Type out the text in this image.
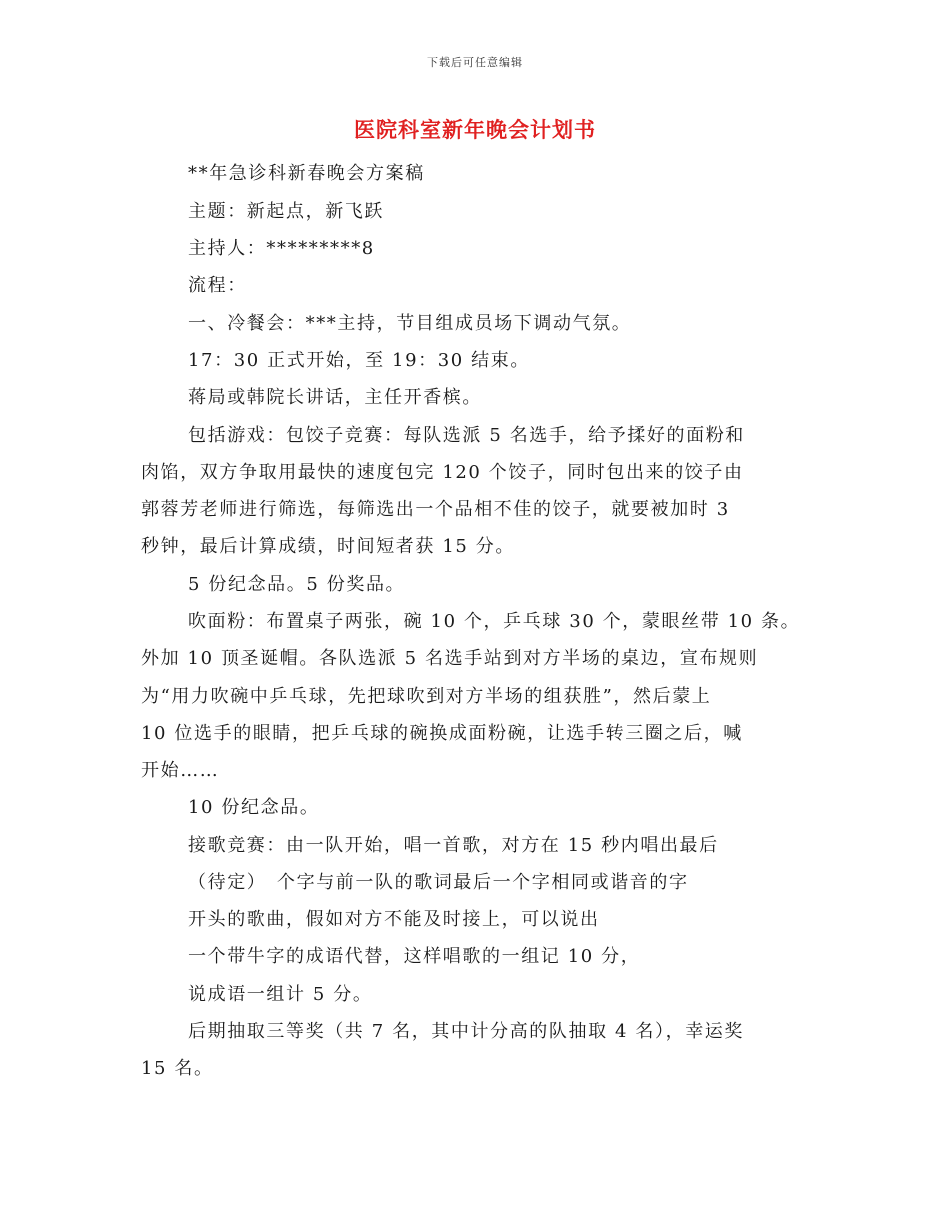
下载后可任意编辑
医院科室新年晚会计划书
**年急诊科新春晚会方案稿
主题：新起点，新飞跃
主持人：*********8
流程：
一、冷餐会：***主持，节目组成员场下调动气氛。
17：30 正式开始，至 19：30 结束。
蒋局或韩院长讲话，主任开香槟。
包括游戏：包饺子竞赛：每队选派 5 名选手，给予揉好的面粉和
肉馅，双方争取用最快的速度包完 120 个饺子，同时包出来的饺子由
郭蓉芳老师进行筛选，每筛选出一个品相不佳的饺子，就要被加时 3
秒钟，最后计算成绩，时间短者获 15 分。
5 份纪念品。5 份奖品。
吹面粉：布置桌子两张，碗 10 个，乒乓球 30 个，蒙眼丝带 10 条。
外加 10 顶圣诞帽。各队选派 5 名选手站到对方半场的桌边，宣布规则
为“用力吹碗中乒乓球，先把球吹到对方半场的组获胜”，然后蒙上
10 位选手的眼睛，把乒乓球的碗换成面粉碗，让选手转三圈之后，喊
开始……
10 份纪念品。
接歌竞赛：由一队开始，唱一首歌，对方在 15 秒内唱出最后
（待定）　个字与前一队的歌词最后一个字相同或谐音的字
开头的歌曲，假如对方不能及时接上，可以说出
一个带牛字的成语代替，这样唱歌的一组记 10 分，
说成语一组计 5 分。
后期抽取三等奖（共 7 名，其中计分高的队抽取 4 名），幸运奖
15 名。
